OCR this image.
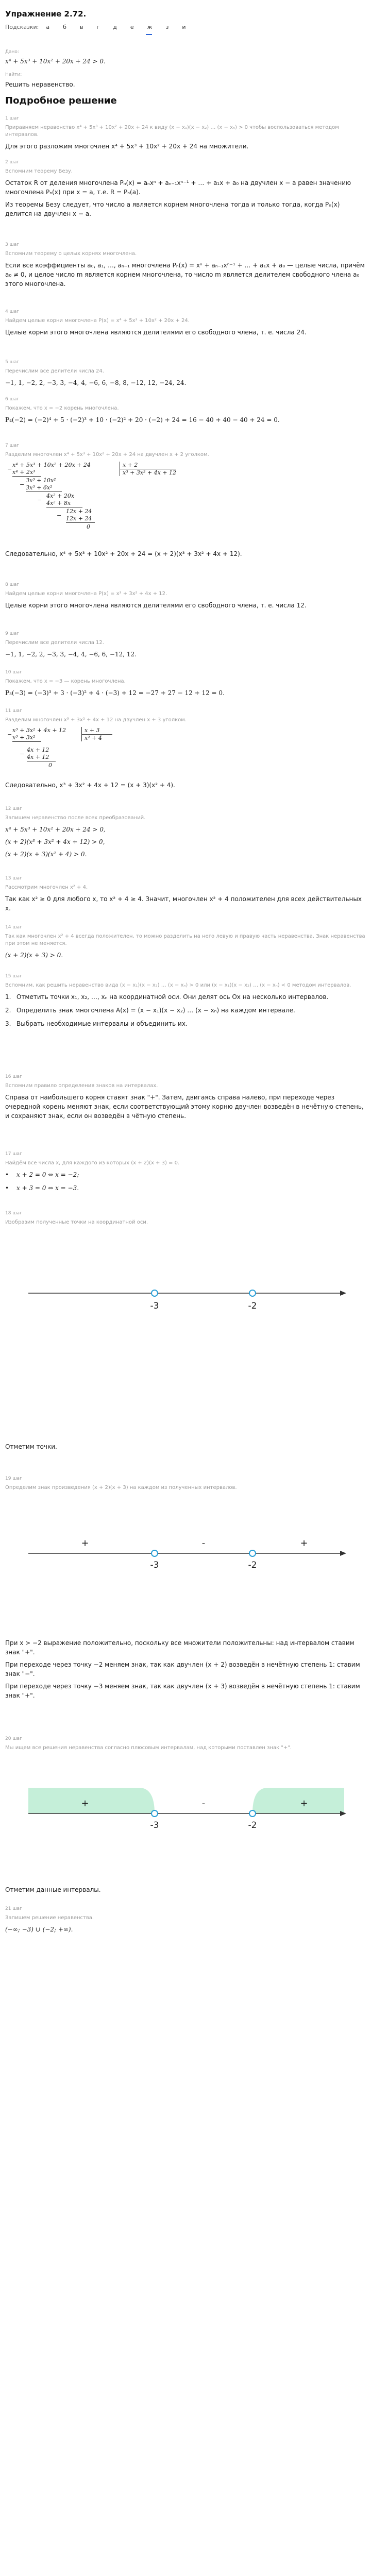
Упражнение 2.72.
Подсказки: а б в г д е ж з и
Дано:
x⁴ + 5x³ + 10x² + 20x + 24 > 0.
Найти:
Решить неравенство.
Подробное решение
1 шаг
Приравняем неравенство x⁴ + 5x³ + 10x² + 20x + 24 к виду (x − x₁)(x − x₂) … (x − xₙ) > 0 чтобы воспользоваться методом интервалов.

Для этого разложим многочлен x⁴ + 5x³ + 10x² + 20x + 24 на множители.

2 шаг
Вспомним теорему Безу.

Остаток R от деления многочлена Pₙ(x) = aₙxⁿ + aₙ₋₁xⁿ⁻¹ + … + a₁x + a₀ на двучлен x − a равен значению многочлена Pₙ(x) при x = a, т.е. R = Pₙ(a).

Из теоремы Безу следует, что число a является корнем многочлена тогда и только тогда, когда Pₙ(x) делится на двучлен x − a.

3 шаг
Вспомним теорему о целых корнях многочлена.

Если все коэффициенты a₀, a₁, …, aₙ₋₁ многочлена Pₙ(x) = xⁿ + aₙ₋₁xⁿ⁻¹ + … + a₁x + a₀ — целые числа, причём a₀ ≠ 0, и целое число m является корнем многочлена, то число m является делителем свободного члена a₀ этого многочлена.

4 шаг
Найдем целые корни многочлена P(x) = x⁴ + 5x³ + 10x² + 20x + 24.

Целые корни этого многочлена являются делителями его свободного члена, т. е. числа 24.

5 шаг
Перечислим все делители числа 24.

−1, 1, −2, 2, −3, 3, −4, 4, −6, 6, −8, 8, −12, 12, −24, 24.

6 шаг
Покажем, что x = −2 корень многочлена.

P₄(−2) = (−2)⁴ + 5 · (−2)³ + 10 · (−2)² + 20 · (−2) + 24 = 16 − 40 + 40 − 40 + 24 = 0.

7 шаг
Разделим многочлен x⁴ + 5x³ + 10x² + 20x + 24 на двучлен x + 2 уголком.
−
x⁴ + 5x³ + 10x² + 20x + 24
x⁴ + 2x³
−
3x³ + 10x²
3x³ + 6x²
−
4x² + 20x
4x² + 8x
−
12x + 24
12x + 24
0
x + 2
x³ + 3x² + 4x + 12

Следовательно, x⁴ + 5x³ + 10x² + 20x + 24 = (x + 2)(x³ + 3x² + 4x + 12).

8 шаг
Найдем целые корни многочлена P(x) = x³ + 3x² + 4x + 12.

Целые корни этого многочлена являются делителями его свободного члена, т. е. числа 12.

9 шаг
Перечислим все делители числа 12.

−1, 1, −2, 2, −3, 3, −4, 4, −6, 6, −12, 12.

10 шаг
Покажем, что x = −3 — корень многочлена.

P₃(−3) = (−3)³ + 3 · (−3)² + 4 · (−3) + 12 = −27 + 27 − 12 + 12 = 0.

11 шаг
Разделим многочлен x³ + 3x² + 4x + 12 на двучлен x + 3 уголком.
−
x³ + 3x² + 4x + 12
x³ + 3x²
−
4x + 12
4x + 12
0
x + 3
x² + 4

Следовательно, x³ + 3x² + 4x + 12 = (x + 3)(x² + 4).

12 шаг
Запишем неравенство после всех преобразований.

x⁴ + 5x³ + 10x² + 20x + 24 > 0,

(x + 2)(x³ + 3x² + 4x + 12) > 0,

(x + 2)(x + 3)(x² + 4) > 0.

13 шаг
Рассмотрим многочлен x² + 4.

Так как x² ≥ 0 для любого x, то x² + 4 ≥ 4. Значит, многочлен x² + 4 положителен для всех действительных x.

14 шаг
Так как многочлен x² + 4 всегда положителен, то можно разделить на него левую и правую часть неравенства. Знак неравенства при этом не меняется.

(x + 2)(x + 3) > 0.

15 шаг
Вспомним, как решить неравенство вида (x − x₁)(x − x₂) … (x − xₙ) > 0 или (x − x₁)(x − x₂) … (x − xₙ) < 0 методом интервалов.
1. Отметить точки x₁, x₂, …, xₙ на координатной оси. Они делят ось Ox на несколько интервалов.
2. Определить знак многочлена A(x) = (x − x₁)(x − x₂) … (x − xₙ) на каждом интервале.
3. Выбрать необходимые интервалы и объединить их.
16 шаг
Вспомним правило определения знаков на интервалах.

Справа от наибольшего корня ставят знак "+". Затем, двигаясь справа налево, при переходе через очередной корень меняют знак, если соответствующий этому корню двучлен возведён в нечётную степень, и сохраняют знак, если он возведён в чётную степень.

17 шаг
Найдём все числа x, для каждого из которых (x + 2)(x + 3) = 0.
•	x + 2 = 0 ⇔ x = −2;
•	x + 3 = 0 ⇔ x = −3.
18 шаг
Изобразим полученные точки на координатной оси.
-3	-2
Отметим точки.
19 шаг
Определим знак произведения (x + 2)(x + 3) на каждом из полученных интервалов.
+	-	+
-3	-2

При x > −2 выражение положительно, поскольку все множители положительны: над интервалом ставим знак "+".

При переходе через точку −2 меняем знак, так как двучлен (x + 2) возведён в нечётную степень 1: ставим знак "−".

При переходе через точку −3 меняем знак, так как двучлен (x + 3) возведён в нечётную степень 1: ставим знак "+".

20 шаг
Мы ищем все решения неравенства согласно плюсовым интервалам, над которыми поставлен знак "+".
+	-	+
-3	-2
Отметим данные интервалы.
21 шаг
Запишем решение неравенства.

(−∞; −3) ∪ (−2; +∞).
